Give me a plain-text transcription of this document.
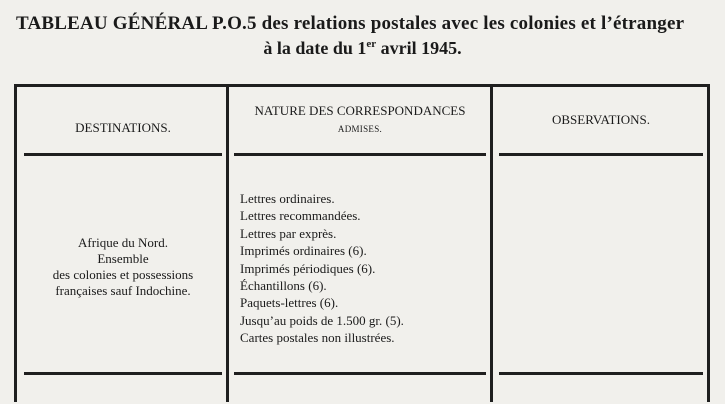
TABLEAU GÉNÉRAL P.O.5 des relations postales avec les colonies et l’étranger
à la date du 1er avril 1945.
DESTINATIONS.
NATURE DES CORRESPONDANCES
ADMISES.
OBSERVATIONS.
Afrique du Nord.
Ensemble
des colonies et possessions
françaises sauf Indochine.
Lettres ordinaires.
Lettres recommandées.
Lettres par exprès.
Imprimés ordinaires (6).
Imprimés périodiques (6).
Échantillons (6).
Paquets-lettres (6).
Jusqu’au poids de 1.500 gr. (5).
Cartes postales non illustrées.
